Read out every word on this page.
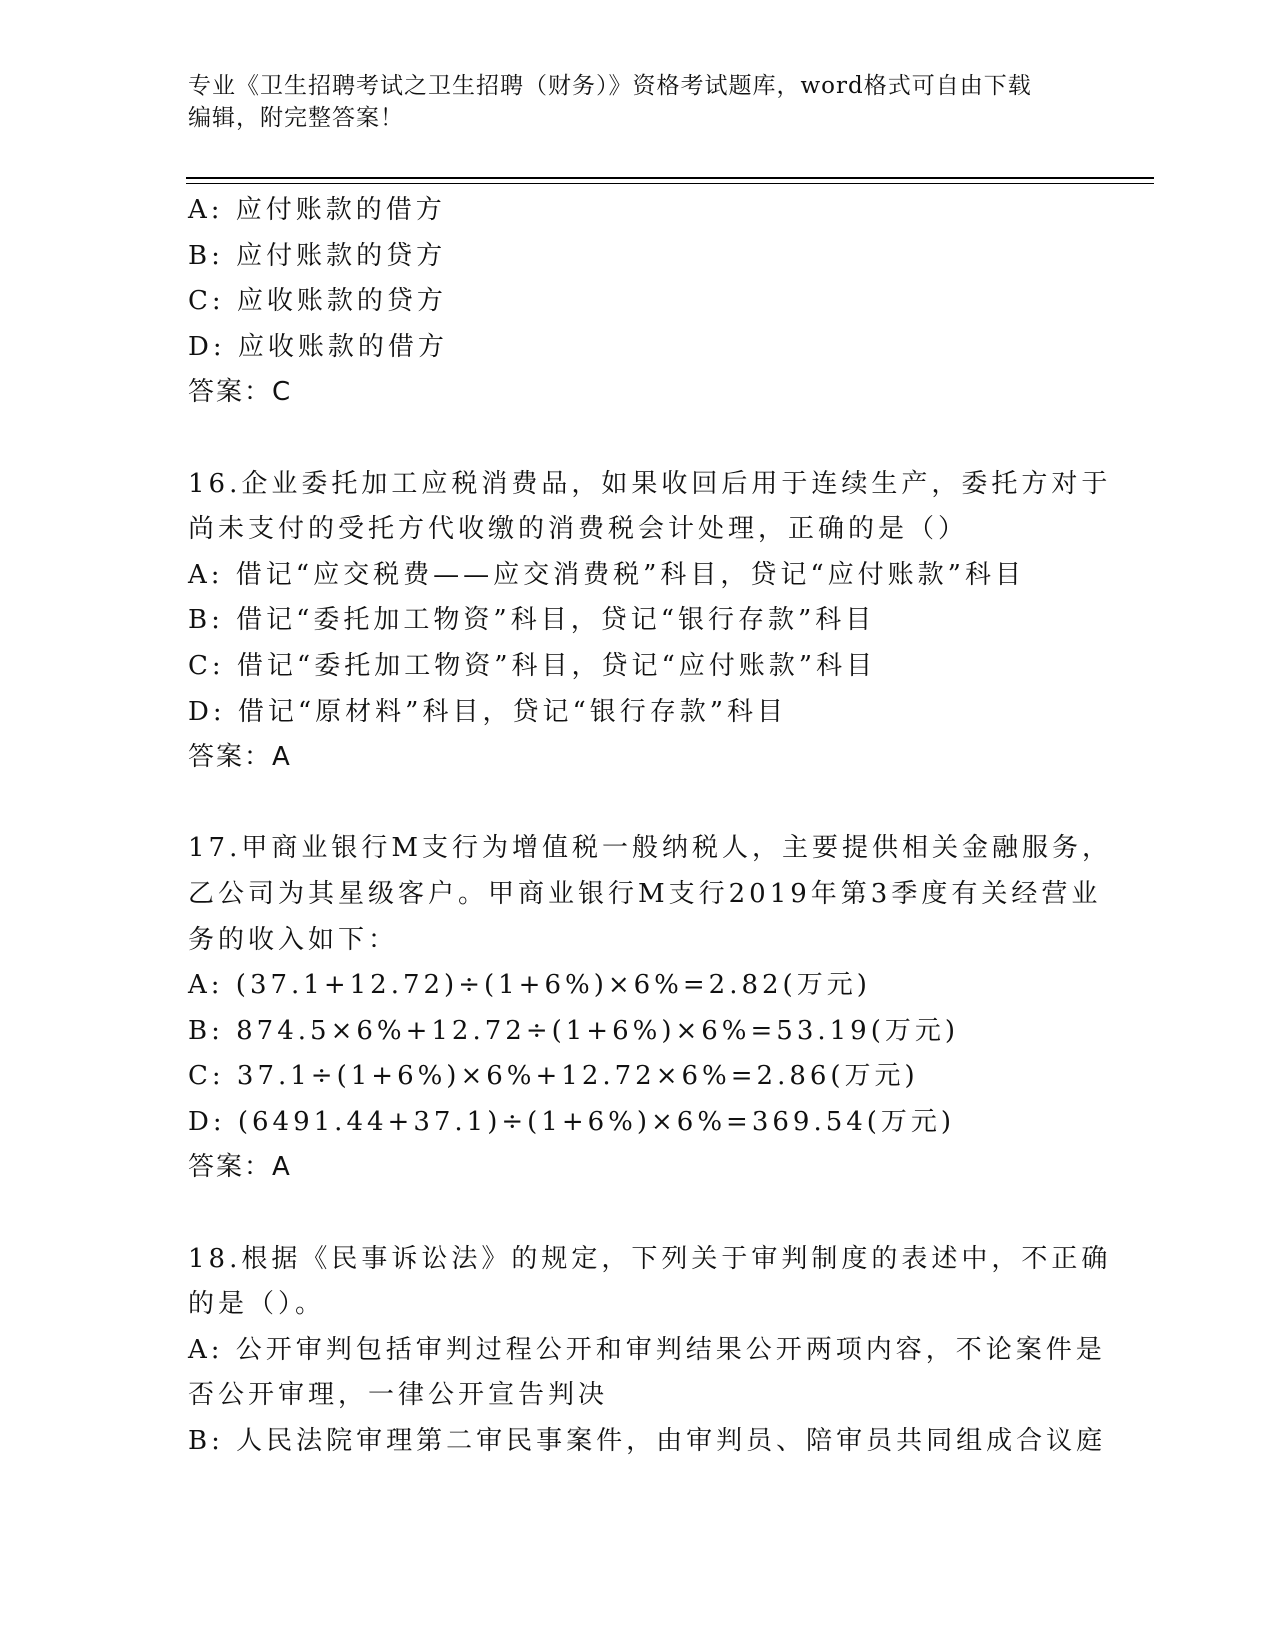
专业《卫生招聘考试之卫生招聘（财务）》资格考试题库，word格式可自由下载
编辑，附完整答案！
A: 应付账款的借方
B: 应付账款的贷方
C: 应收账款的贷方
D: 应收账款的借方
答案：C
16.企业委托加工应税消费品，如果收回后用于连续生产，委托方对于
尚未支付的受托方代收缴的消费税会计处理，正确的是（）
A: 借记“应交税费——应交消费税”科目，贷记“应付账款”科目
B: 借记“委托加工物资”科目，贷记“银行存款”科目
C: 借记“委托加工物资”科目，贷记“应付账款”科目
D: 借记“原材料”科目，贷记“银行存款”科目
答案：A
17.甲商业银行M支行为增值税一般纳税人，主要提供相关金融服务，
乙公司为其星级客户。甲商业银行M支行2019年第3季度有关经营业
务的收入如下：
A: (37.1+12.72)÷(1+6%)×6%=2.82(万元)
B: 874.5×6%+12.72÷(1+6%)×6%=53.19(万元)
C: 37.1÷(1+6%)×6%+12.72×6%=2.86(万元)
D: (6491.44+37.1)÷(1+6%)×6%=369.54(万元)
答案：A
18.根据《民事诉讼法》的规定，下列关于审判制度的表述中，不正确
的是（）。
A: 公开审判包括审判过程公开和审判结果公开两项内容，不论案件是
否公开审理，一律公开宣告判决
B: 人民法院审理第二审民事案件，由审判员、陪审员共同组成合议庭
